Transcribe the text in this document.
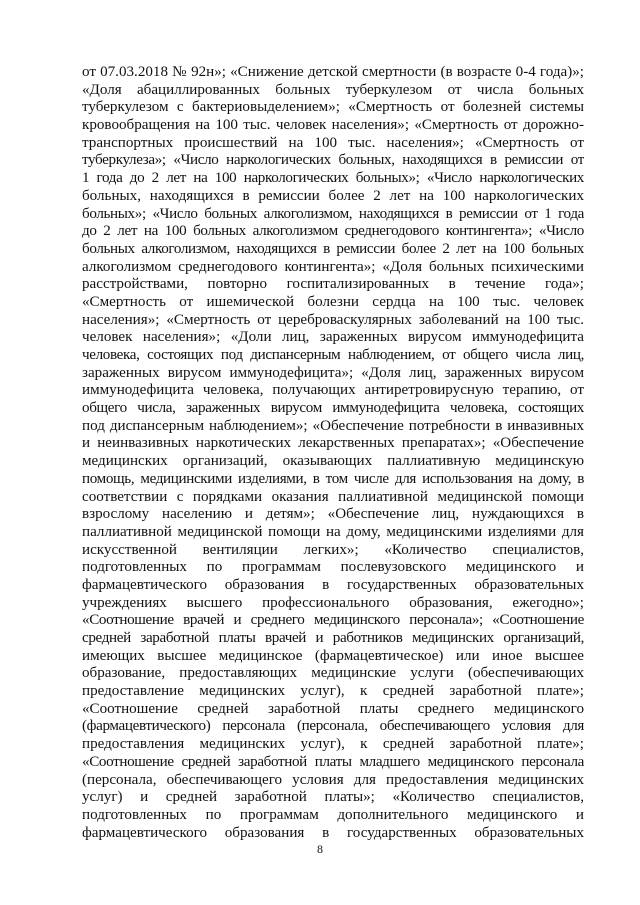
от 07.03.2018 № 92н»; «Снижение детской смертности (в возрасте 0-4 года)»;
«Доля абациллированных больных туберкулезом от числа больных
туберкулезом с бактериовыделением»; «Смертность от болезней системы
кровообращения на 100 тыс. человек населения»; «Смертность от дорожно-
транспортных происшествий на 100 тыс. населения»; «Смертность от
туберкулеза»; «Число наркологических больных, находящихся в ремиссии от
1 года до 2 лет на 100 наркологических больных»; «Число наркологических
больных, находящихся в ремиссии более 2 лет на 100 наркологических
больных»; «Число больных алкоголизмом, находящихся в ремиссии от 1 года
до 2 лет на 100 больных алкоголизмом среднегодового контингента»; «Число
больных алкоголизмом, находящихся в ремиссии более 2 лет на 100 больных
алкоголизмом среднегодового контингента»; «Доля больных психическими
расстройствами, повторно госпитализированных в течение года»;
«Смертность от ишемической болезни сердца на 100 тыс. человек
населения»; «Смертность от цереброваскулярных заболеваний на 100 тыс.
человек населения»; «Доли лиц, зараженных вирусом иммунодефицита
человека, состоящих под диспансерным наблюдением, от общего числа лиц,
зараженных вирусом иммунодефицита»; «Доля лиц, зараженных вирусом
иммунодефицита человека, получающих антиретровирусную терапию, от
общего числа, зараженных вирусом иммунодефицита человека, состоящих
под диспансерным наблюдением»; «Обеспечение потребности в инвазивных
и неинвазивных наркотических лекарственных препаратах»; «Обеспечение
медицинских организаций, оказывающих паллиативную медицинскую
помощь, медицинскими изделиями, в том числе для использования на дому, в
соответствии с порядками оказания паллиативной медицинской помощи
взрослому населению и детям»; «Обеспечение лиц, нуждающихся в
паллиативной медицинской помощи на дому, медицинскими изделиями для
искусственной вентиляции легких»; «Количество специалистов,
подготовленных по программам послевузовского медицинского и
фармацевтического образования в государственных образовательных
учреждениях высшего профессионального образования, ежегодно»;
«Соотношение врачей и среднего медицинского персонала»; «Соотношение
средней заработной платы врачей и работников медицинских организаций,
имеющих высшее медицинское (фармацевтическое) или иное высшее
образование, предоставляющих медицинские услуги (обеспечивающих
предоставление медицинских услуг), к средней заработной плате»;
«Соотношение средней заработной платы среднего медицинского
(фармацевтического) персонала (персонала, обеспечивающего условия для
предоставления медицинских услуг), к средней заработной плате»;
«Соотношение средней заработной платы младшего медицинского персонала
(персонала, обеспечивающего условия для предоставления медицинских
услуг) и средней заработной платы»; «Количество специалистов,
подготовленных по программам дополнительного медицинского и
фармацевтического образования в государственных образовательных
8
